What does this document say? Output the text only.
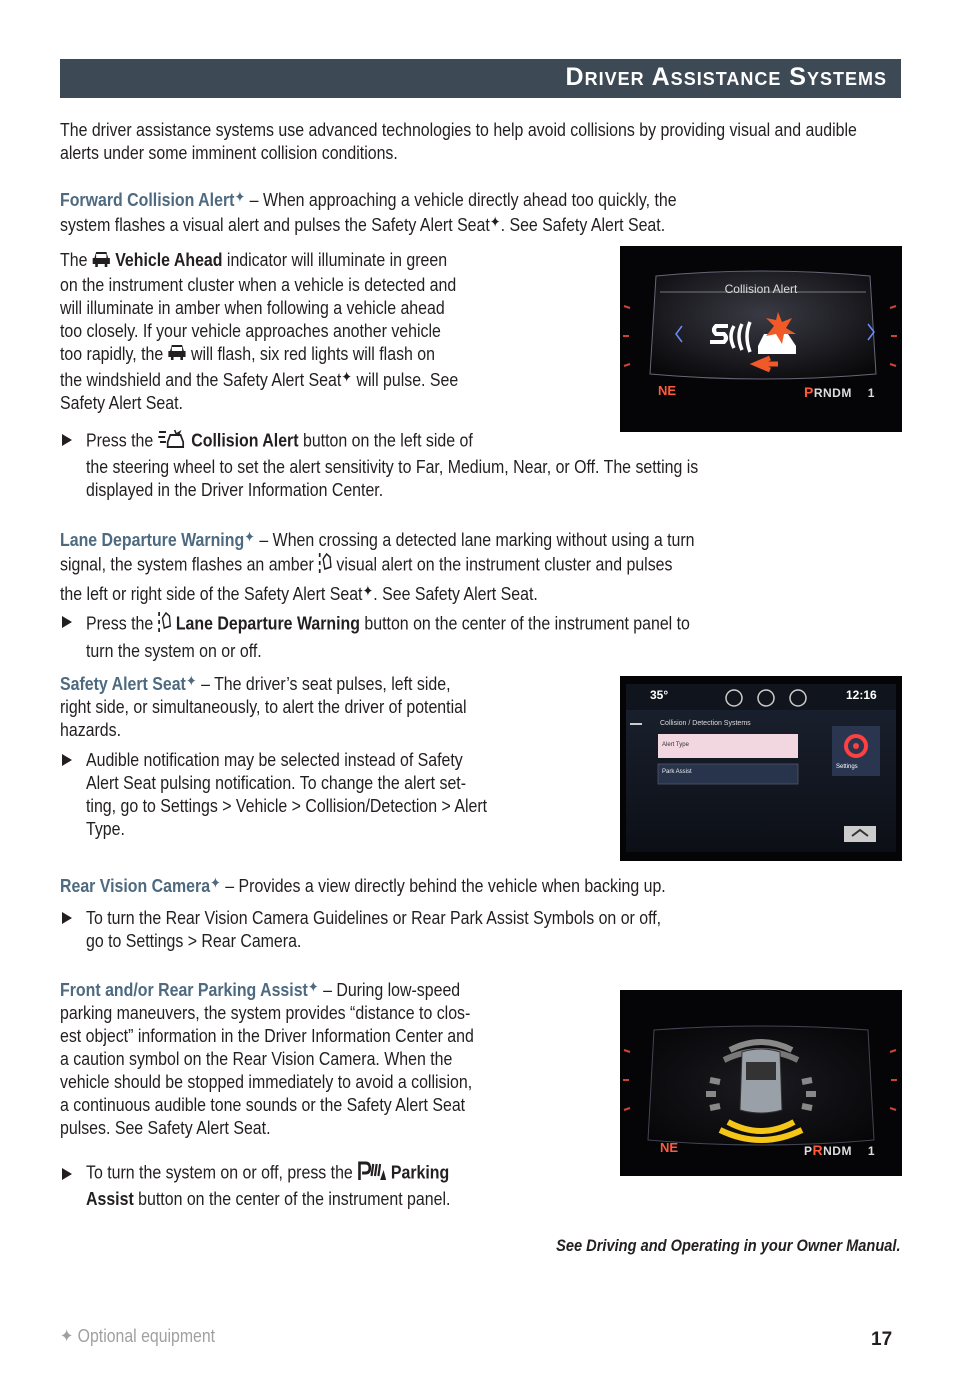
Driver Assistance Systems
The driver assistance systems use advanced technologies to help avoid collisions by providing visual and audible alerts under some imminent collision conditions.
Forward Collision Alert✦ – When approaching a vehicle directly ahead too quickly, the
system flashes a visual alert and pulses the Safety Alert Seat✦. See Safety Alert Seat.
The Vehicle Ahead indicator will illuminate in green
on the instrument cluster when a vehicle is detected and
will illuminate in amber when following a vehicle ahead
too closely. If your vehicle approaches another vehicle
too rapidly, the  will flash, six red lights will flash on
the windshield and the Safety Alert Seat✦ will pulse. See
Safety Alert Seat.
Press the Collision Alert button on the left side of
the steering wheel to set the alert sensitivity to Far, Medium, Near, or Off. The setting is
displayed in the Driver Information Center.
Collision Alert
NE	PRNDM 1
Lane Departure Warning✦ – When crossing a detected lane marking without using a turn
signal, the system flashes an amber  visual alert on the instrument cluster and pulses
the left or right side of the Safety Alert Seat✦. See Safety Alert Seat.
Press the Lane Departure Warning button on the center of the instrument panel to
turn the system on or off.
Safety Alert Seat✦ – The driver’s seat pulses, left side,
right side, or simultaneously, to alert the driver of potential
hazards.
Audible notification may be selected instead of Safety
Alert Seat pulsing notification. To change the alert set-
ting, go to Settings > Vehicle > Collision/Detection > Alert
Type.
35°	12:16
Collision / Detection Systems
Alert Type
Park Assist
Settings
Rear Vision Camera✦ – Provides a view directly behind the vehicle when backing up.
To turn the Rear Vision Camera Guidelines or Rear Park Assist Symbols on or off,
go to Settings > Rear Camera.
Front and/or Rear Parking Assist✦ – During low-speed
parking maneuvers, the system provides “distance to clos-
est object” information in the Driver Information Center and
a caution symbol on the Rear Vision Camera. When the
vehicle should be stopped immediately to avoid a collision,
a continuous audible tone sounds or the Safety Alert Seat
pulses. See Safety Alert Seat.
To turn the system on or off, press the Parking
Assist button on the center of the instrument panel.
NE	PRNDM 1
See Driving and Operating in your Owner Manual.
✦ Optional equipment	17
